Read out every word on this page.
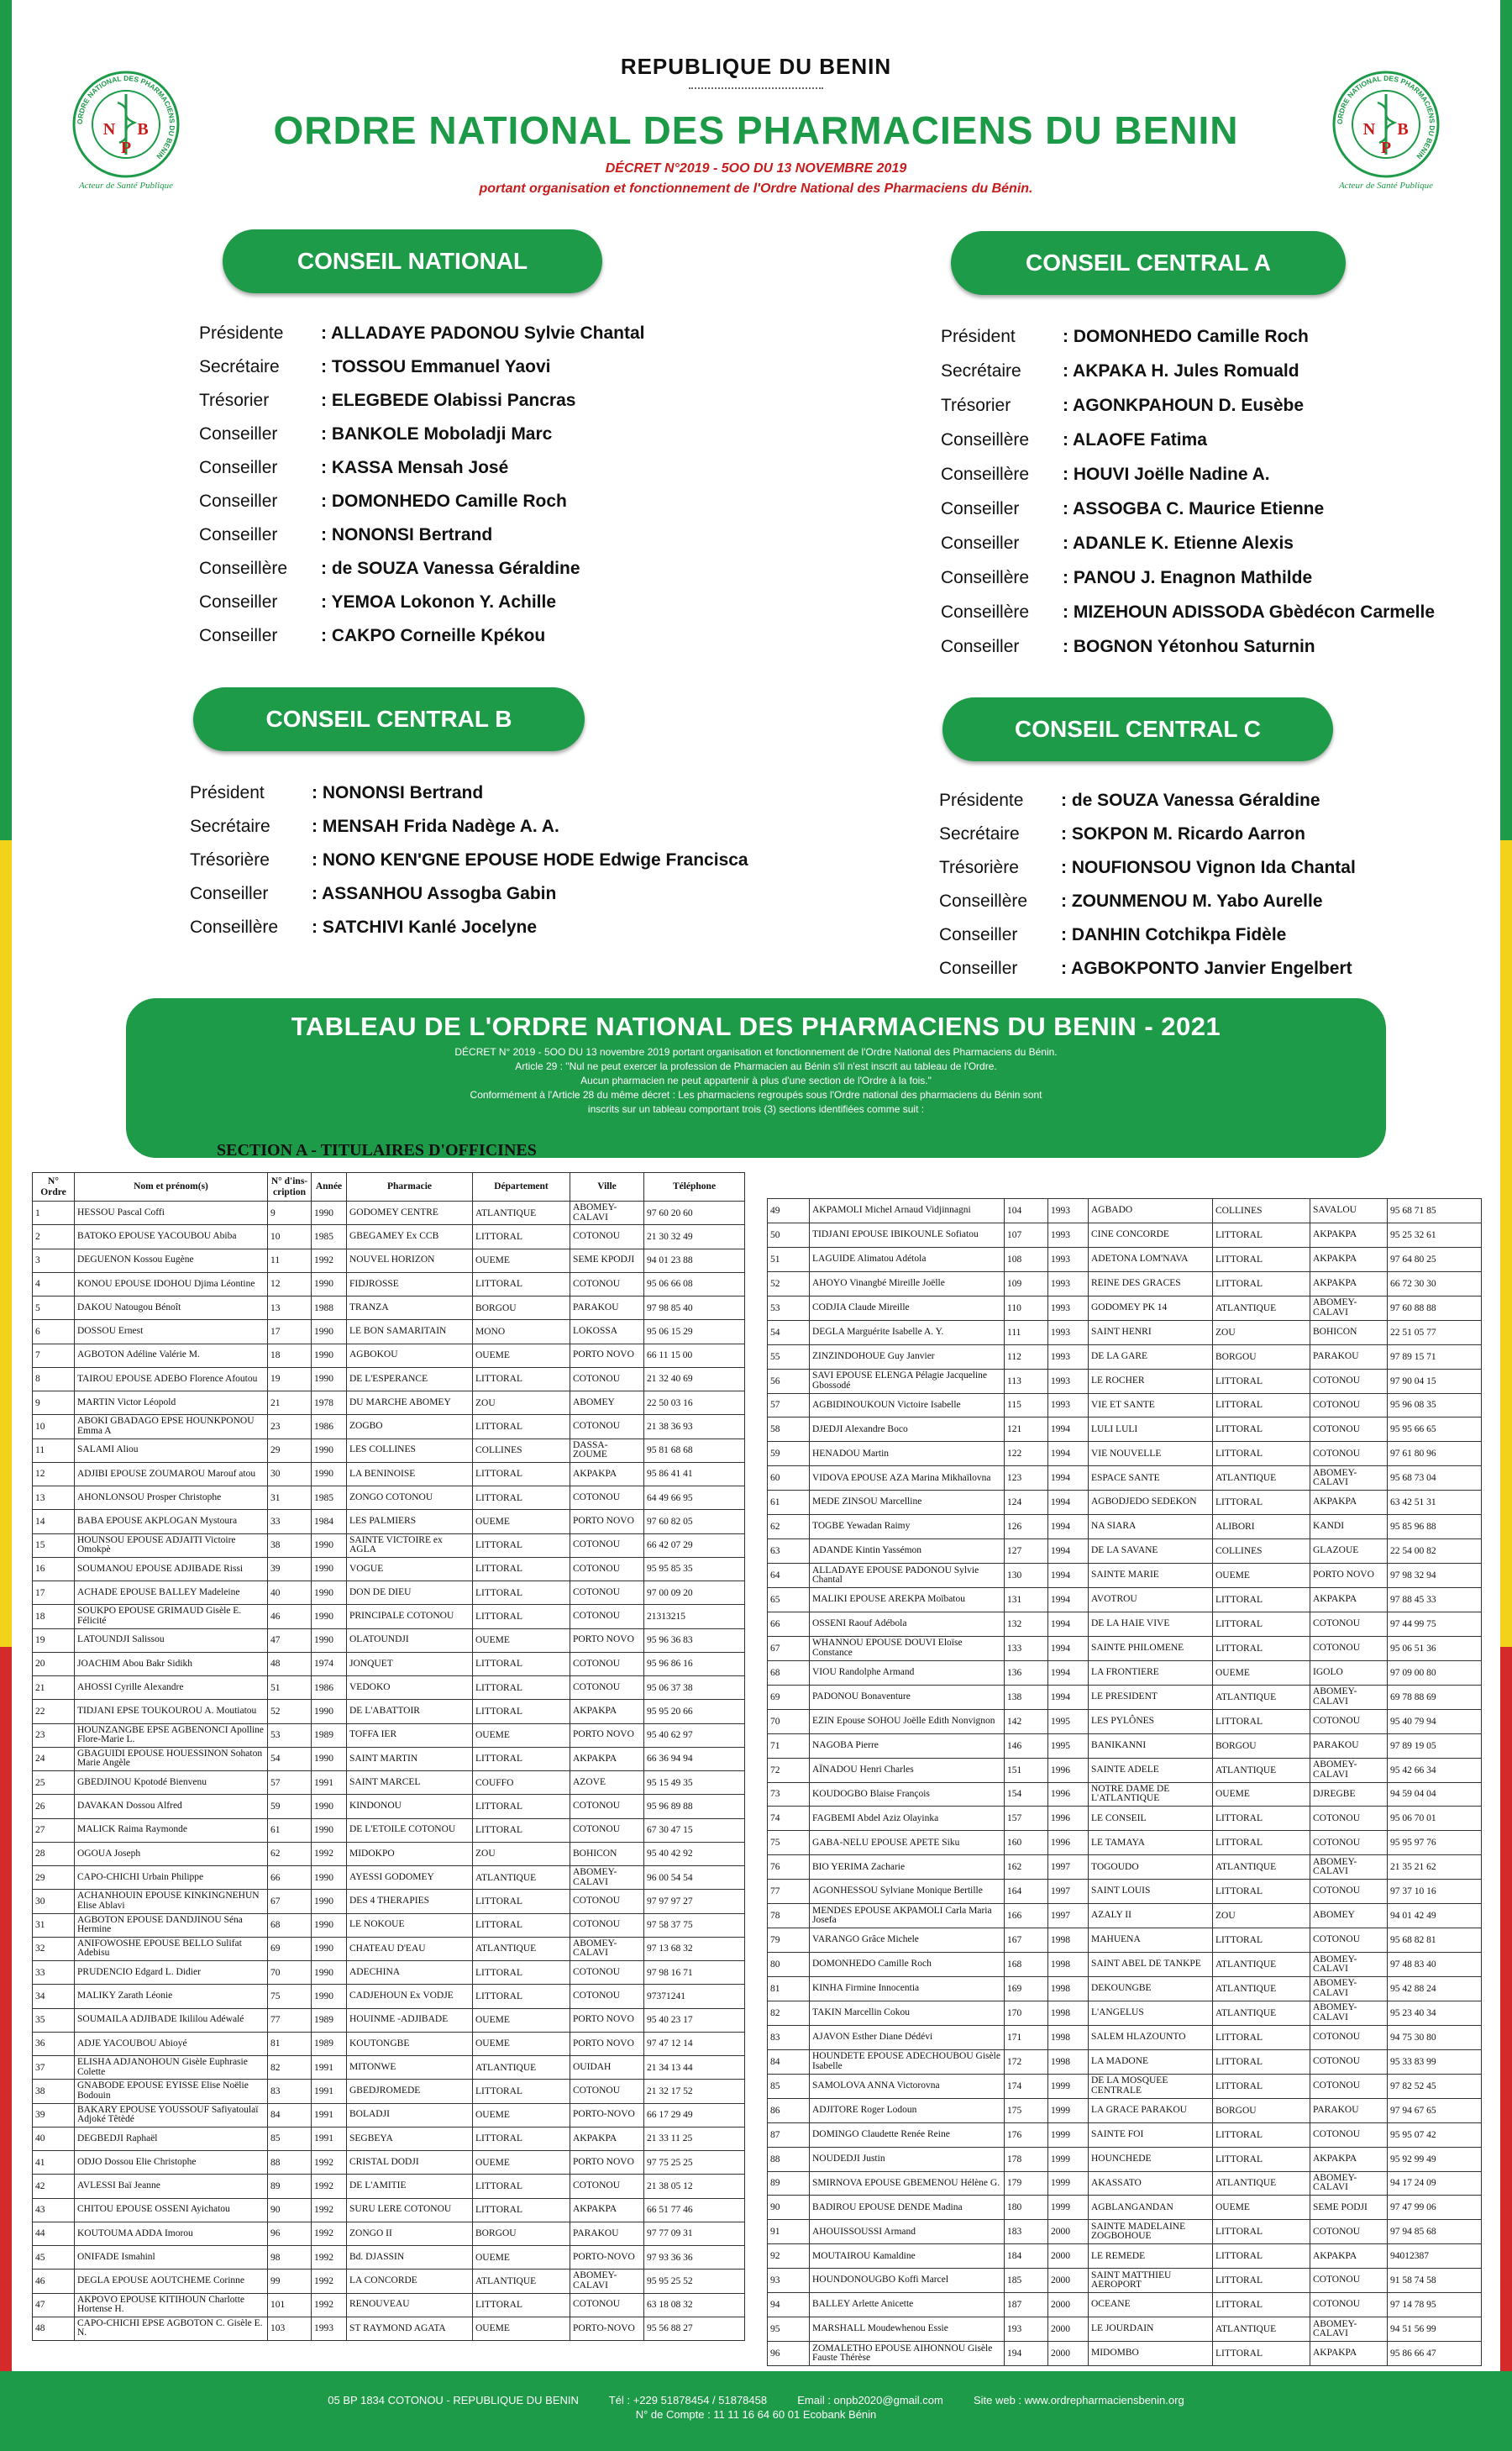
REPUBLIQUE DU BENIN
ORDRE NATIONAL DES PHARMACIENS DU BENIN
DÉCRET N°2019 - 5OO DU 13 NOVEMBRE 2019
portant organisation et fonctionnement de l'Ordre National des Pharmaciens du Bénin.
ORDRE NATIONAL DES PHARMACIENS DU BENIN
N B
P
Acteur de Santé Publique
ORDRE NATIONAL DES PHARMACIENS DU BENIN
N B
P
Acteur de Santé Publique
CONSEIL NATIONAL	CONSEIL CENTRAL A
CONSEIL CENTRAL B	CONSEIL CENTRAL C
Présidente	: ALLADAYE PADONOU Sylvie Chantal
Secrétaire	: TOSSOU Emmanuel Yaovi
Trésorier	: ELEGBEDE Olabissi Pancras
Conseiller	: BANKOLE Moboladji Marc
Conseiller	: KASSA Mensah José
Conseiller	: DOMONHEDO Camille Roch
Conseiller	: NONONSI Bertrand
Conseillère	: de SOUZA Vanessa Géraldine
Conseiller	: YEMOA Lokonon Y. Achille
Conseiller	: CAKPO Corneille Kpékou
Président	: DOMONHEDO Camille Roch
Secrétaire	: AKPAKA H. Jules Romuald
Trésorier	: AGONKPAHOUN D. Eusèbe
Conseillère	: ALAOFE Fatima
Conseillère	: HOUVI Joëlle Nadine A.
Conseiller	: ASSOGBA C. Maurice Etienne
Conseiller	: ADANLE K. Etienne Alexis
Conseillère	: PANOU J. Enagnon Mathilde
Conseillère	: MIZEHOUN ADISSODA Gbèdécon Carmelle
Conseiller	: BOGNON Yétonhou Saturnin
Président	: NONONSI Bertrand
Secrétaire	: MENSAH Frida Nadège A. A.
Trésorière	: NONO KEN'GNE EPOUSE HODE Edwige Francisca
Conseiller	: ASSANHOU Assogba Gabin
Conseillère	: SATCHIVI Kanlé Jocelyne
Présidente	: de SOUZA Vanessa Géraldine
Secrétaire	: SOKPON M. Ricardo Aarron
Trésorière	: NOUFIONSOU Vignon Ida Chantal
Conseillère	: ZOUNMENOU M. Yabo Aurelle
Conseiller	: DANHIN Cotchikpa Fidèle
Conseiller	: AGBOKPONTO Janvier Engelbert
TABLEAU DE L'ORDRE NATIONAL DES PHARMACIENS DU BENIN - 2021
DÉCRET N° 2019 - 5OO DU 13 novembre 2019 portant organisation et fonctionnement de l'Ordre National des Pharmaciens du Bénin.
Article 29 : "Nul ne peut exercer la profession de Pharmacien au Bénin s'il n'est inscrit au tableau de l'Ordre.
Aucun pharmacien ne peut appartenir à plus d'une section de l'Ordre à la fois."
Conformément à l'Article 28 du même décret : Les pharmaciens regroupés sous l'Ordre national des pharmaciens du Bénin sont
inscrits sur un tableau comportant trois (3) sections identifiées comme suit :
SECTION A - TITULAIRES D'OFFICINES
N° Ordre	Nom et prénom(s)	N° d'ins-cription	Année	Pharmacie	Département	Ville	Téléphone
1	HESSOU Pascal Coffi	9	1990	GODOMEY CENTRE	ATLANTIQUE	ABOMEY-CALAVI	97 60 20 60
2	BATOKO EPOUSE YACOUBOU Abiba	10	1985	GBEGAMEY Ex CCB	LITTORAL	COTONOU	21 30 32 49
3	DEGUENON Kossou Eugène	11	1992	NOUVEL HORIZON	OUEME	SEME KPODJI	94 01 23 88
4	KONOU EPOUSE IDOHOU Djima Léontine	12	1990	FIDJROSSE	LITTORAL	COTONOU	95 06 66 08
5	DAKOU Natougou Bénoît	13	1988	TRANZA	BORGOU	PARAKOU	97 98 85 40
6	DOSSOU Ernest	17	1990	LE BON SAMARITAIN	MONO	LOKOSSA	95 06 15 29
7	AGBOTON Adéline Valérie M.	18	1990	AGBOKOU	OUEME	PORTO NOVO	66 11 15 00
8	TAIROU EPOUSE ADEBO Florence Afoutou	19	1990	DE L'ESPERANCE	LITTORAL	COTONOU	21 32 40 69
9	MARTIN Victor Léopold	21	1978	DU MARCHE ABOMEY	ZOU	ABOMEY	22 50 03 16
10	ABOKI GBADAGO EPSE HOUNKPONOU Emma A	23	1986	ZOGBO	LITTORAL	COTONOU	21 38 36 93
11	SALAMI Aliou	29	1990	LES COLLINES	COLLINES	DASSA-ZOUME	95 81 68 68
12	ADJIBI EPOUSE ZOUMAROU Marouf atou	30	1990	LA BENINOISE	LITTORAL	AKPAKPA	95 86 41 41
13	AHONLONSOU Prosper Christophe	31	1985	ZONGO COTONOU	LITTORAL	COTONOU	64 49 66 95
14	BABA EPOUSE AKPLOGAN Mystoura	33	1984	LES PALMIERS	OUEME	PORTO NOVO	97 60 82 05
15	HOUNSOU EPOUSE ADJAITI Victoire Omokpè	38	1990	SAINTE VICTOIRE ex AGLA	LITTORAL	COTONOU	66 42 07 29
16	SOUMANOU EPOUSE ADJIBADE Rissi	39	1990	VOGUE	LITTORAL	COTONOU	95 95 85 35
17	ACHADE EPOUSE BALLEY Madeleine	40	1990	DON DE DIEU	LITTORAL	COTONOU	97 00 09 20
18	SOUKPO EPOUSE GRIMAUD Gisèle E. Félicité	46	1990	PRINCIPALE COTONOU	LITTORAL	COTONOU	21313215
19	LATOUNDJI Salissou	47	1990	OLATOUNDJI	OUEME	PORTO NOVO	95 96 36 83
20	JOACHIM Abou Bakr Sidikh	48	1974	JONQUET	LITTORAL	COTONOU	95 96 86 16
21	AHOSSI Cyrille Alexandre	51	1986	VEDOKO	LITTORAL	COTONOU	95 06 37 38
22	TIDJANI EPSE TOUKOUROU A. Moutiatou	52	1990	DE L'ABATTOIR	LITTORAL	AKPAKPA	95 95 20 66
23	HOUNZANGBE EPSE AGBENONCI Apolline Flore-Marie L.	53	1989	TOFFA IER	OUEME	PORTO NOVO	95 40 62 97
24	GBAGUIDI EPOUSE HOUESSINON Sohaton Marie Angèle	54	1990	SAINT MARTIN	LITTORAL	AKPAKPA	66 36 94 94
25	GBEDJINOU Kpotodé Bienvenu	57	1991	SAINT MARCEL	COUFFO	AZOVE	95 15 49 35
26	DAVAKAN Dossou Alfred	59	1990	KINDONOU	LITTORAL	COTONOU	95 96 89 88
27	MALICK Raima Raymonde	61	1990	DE L'ETOILE COTONOU	LITTORAL	COTONOU	67 30 47 15
28	OGOUA Joseph	62	1992	MIDOKPO	ZOU	BOHICON	95 40 42 92
29	CAPO-CHICHI Urbain Philippe	66	1990	AYESSI GODOMEY	ATLANTIQUE	ABOMEY-CALAVI	96 00 54 54
30	ACHANHOUIN EPOUSE KINKINGNEHUN Elise Ablavi	67	1990	DES 4 THERAPIES	LITTORAL	COTONOU	97 97 97 27
31	AGBOTON EPOUSE DANDJINOU Séna Hermine	68	1990	LE NOKOUE	LITTORAL	COTONOU	97 58 37 75
32	ANIFOWOSHE EPOUSE BELLO Sulifat Adebisu	69	1990	CHATEAU D'EAU	ATLANTIQUE	ABOMEY-CALAVI	97 13 68 32
33	PRUDENCIO Edgard L. Didier	70	1990	ADECHINA	LITTORAL	COTONOU	97 98 16 71
34	MALIKY Zarath Léonie	75	1990	CADJEHOUN Ex VODJE	LITTORAL	COTONOU	97371241
35	SOUMAILA ADJIBADE Ikililou Adéwalé	77	1989	HOUINME -ADJIBADE	OUEME	PORTO NOVO	95 40 23 17
36	ADJE YACOUBOU Abioyé	81	1989	KOUTONGBE	OUEME	PORTO NOVO	97 47 12 14
37	ELISHA ADJANOHOUN Gisèle Euphrasie Colette	82	1991	MITONWE	ATLANTIQUE	OUIDAH	21 34 13 44
38	GNABODE EPOUSE EYISSE Elise Noëlie Bodouin	83	1991	GBEDJROMEDE	LITTORAL	COTONOU	21 32 17 52
39	BAKARY EPOUSE YOUSSOUF Safiyatoulaï Adjoké Têtèdé	84	1991	BOLADJI	OUEME	PORTO-NOVO	66 17 29 49
40	DEGBEDJI Raphaël	85	1991	SEGBEYA	LITTORAL	AKPAKPA	21 33 11 25
41	ODJO Dossou Elie Christophe	88	1992	CRISTAL DODJI	OUEME	PORTO NOVO	97 75 25 25
42	AVLESSI Baï Jeanne	89	1992	DE L'AMITIE	LITTORAL	COTONOU	21 38 05 12
43	CHITOU EPOUSE OSSENI Ayichatou	90	1992	SURU LERE COTONOU	LITTORAL	AKPAKPA	66 51 77 46
44	KOUTOUMA ADDA Imorou	96	1992	ZONGO II	BORGOU	PARAKOU	97 77 09 31
45	ONIFADE Ismahinl	98	1992	Bd. DJASSIN	OUEME	PORTO-NOVO	97 93 36 36
46	DEGLA EPOUSE AOUTCHEME Corinne	99	1992	LA CONCORDE	ATLANTIQUE	ABOMEY-CALAVI	95 95 25 52
47	AKPOVO EPOUSE KITIHOUN Charlotte Hortense H.	101	1992	RENOUVEAU	LITTORAL	COTONOU	63 18 08 32
48	CAPO-CHICHI EPSE AGBOTON C. Gisèle E. N.	103	1993	ST RAYMOND AGATA	OUEME	PORTO-NOVO	95 56 88 27
49	AKPAMOLI Michel Arnaud Vidjinnagni	104	1993	AGBADO	COLLINES	SAVALOU	95 68 71 85
50	TIDJANI EPOUSE IBIKOUNLE Sofiatou	107	1993	CINE CONCORDE	LITTORAL	AKPAKPA	95 25 32 61
51	LAGUIDE Alimatou Adétola	108	1993	ADETONA LOM'NAVA	LITTORAL	AKPAKPA	97 64 80 25
52	AHOYO Vinangbé Mireille Joëlle	109	1993	REINE DES GRACES	LITTORAL	AKPAKPA	66 72 30 30
53	CODJIA Claude Mireille	110	1993	GODOMEY PK 14	ATLANTIQUE	ABOMEY-CALAVI	97 60 88 88
54	DEGLA Marguérite Isabelle A. Y.	111	1993	SAINT HENRI	ZOU	BOHICON	22 51 05 77
55	ZINZINDOHOUE Guy Janvier	112	1993	DE LA GARE	BORGOU	PARAKOU	97 89 15 71
56	SAVI EPOUSE ELENGA Pélagie Jacqueline Gbossodé	113	1993	LE ROCHER	LITTORAL	COTONOU	97 90 04 15
57	AGBIDINOUKOUN Victoire Isabelle	115	1993	VIE ET SANTE	LITTORAL	COTONOU	95 96 08 35
58	DJEDJI Alexandre Boco	121	1994	LULI LULI	LITTORAL	COTONOU	95 95 66 65
59	HENADOU Martin	122	1994	VIE NOUVELLE	LITTORAL	COTONOU	97 61 80 96
60	VIDOVA EPOUSE AZA Marina Mikhaïlovna	123	1994	ESPACE SANTE	ATLANTIQUE	ABOMEY-CALAVI	95 68 73 04
61	MEDE ZINSOU Marcelline	124	1994	AGBODJEDO SEDEKON	LITTORAL	AKPAKPA	63 42 51 31
62	TOGBE Yewadan Raimy	126	1994	NA SIARA	ALIBORI	KANDI	95 85 96 88
63	ADANDE Kintin Yassémon	127	1994	DE LA SAVANE	COLLINES	GLAZOUE	22 54 00 82
64	ALLADAYE EPOUSE PADONOU Sylvie Chantal	130	1994	SAINTE MARIE	OUEME	PORTO NOVO	97 98 32 94
65	MALIKI EPOUSE AREKPA Moïbatou	131	1994	AVOTROU	LITTORAL	AKPAKPA	97 88 45 33
66	OSSENI Raouf Adébola	132	1994	DE LA HAIE VIVE	LITTORAL	COTONOU	97 44 99 75
67	WHANNOU EPOUSE DOUVI Eloïse Constance	133	1994	SAINTE PHILOMENE	LITTORAL	COTONOU	95 06 51 36
68	VIOU Randolphe Armand	136	1994	LA FRONTIERE	OUEME	IGOLO	97 09 00 80
69	PADONOU Bonaventure	138	1994	LE PRESIDENT	ATLANTIQUE	ABOMEY-CALAVI	69 78 88 69
70	EZIN Epouse SOHOU Joëlle Edith Nonvignon	142	1995	LES PYLÔNES	LITTORAL	COTONOU	95 40 79 94
71	NAGOBA Pierre	146	1995	BANIKANNI	BORGOU	PARAKOU	97 89 19 05
72	AÏNADOU Henri Charles	151	1996	SAINTE ADELE	ATLANTIQUE	ABOMEY-CALAVI	95 42 66 34
73	KOUDOGBO Blaise François	154	1996	NOTRE DAME DE L'ATLANTIQUE	OUEME	DJREGBE	94 59 04 04
74	FAGBEMI Abdel Aziz Olayinka	157	1996	LE CONSEIL	LITTORAL	COTONOU	95 06 70 01
75	GABA-NELU EPOUSE APETE Siku	160	1996	LE TAMAYA	LITTORAL	COTONOU	95 95 97 76
76	BIO YERIMA Zacharie	162	1997	TOGOUDO	ATLANTIQUE	ABOMEY-CALAVI	21 35 21 62
77	AGONHESSOU Sylviane Monique Bertille	164	1997	SAINT LOUIS	LITTORAL	COTONOU	97 37 10 16
78	MENDES EPOUSE AKPAMOLI Carla Maria Josefa	166	1997	AZALY II	ZOU	ABOMEY	94 01 42 49
79	VARANGO Grâce Michele	167	1998	MAHUENA	LITTORAL	COTONOU	95 68 82 81
80	DOMONHEDO Camille Roch	168	1998	SAINT ABEL DE TANKPE	ATLANTIQUE	ABOMEY-CALAVI	97 48 83 40
81	KINHA Firmine Innocentia	169	1998	DEKOUNGBE	ATLANTIQUE	ABOMEY-CALAVI	95 42 88 24
82	TAKIN Marcellin Cokou	170	1998	L'ANGELUS	ATLANTIQUE	ABOMEY-CALAVI	95 23 40 34
83	AJAVON Esther Diane Dédévi	171	1998	SALEM HLAZOUNTO	LITTORAL	COTONOU	94 75 30 80
84	HOUNDETE EPOUSE ADECHOUBOU Gisèle Isabelle	172	1998	LA MADONE	LITTORAL	COTONOU	95 33 83 99
85	SAMOLOVA ANNA Victorovna	174	1999	DE LA MOSQUEE CENTRALE	LITTORAL	COTONOU	97 82 52 45
86	ADJITORE Roger Lodoun	175	1999	LA GRACE PARAKOU	BORGOU	PARAKOU	97 94 67 65
87	DOMINGO Claudette Renée Reine	176	1999	SAINTE FOI	LITTORAL	COTONOU	95 95 07 42
88	NOUDEDJI Justin	178	1999	HOUNCHEDE	LITTORAL	AKPAKPA	95 92 99 49
89	SMIRNOVA EPOUSE GBEMENOU Hélène G.	179	1999	AKASSATO	ATLANTIQUE	ABOMEY-CALAVI	94 17 24 09
90	BADIROU EPOUSE DENDE Madina	180	1999	AGBLANGANDAN	OUEME	SEME PODJI	97 47 99 06
91	AHOUISSOUSSI Armand	183	2000	SAINTE MADELAINE ZOGBOHOUE	LITTORAL	COTONOU	97 94 85 68
92	MOUTAIROU Kamaldine	184	2000	LE REMEDE	LITTORAL	AKPAKPA	94012387
93	HOUNDONOUGBO Koffi Marcel	185	2000	SAINT MATTHIEU AEROPORT	LITTORAL	COTONOU	91 58 74 58
94	BALLEY Arlette Anicette	187	2000	OCEANE	LITTORAL	COTONOU	97 14 78 95
95	MARSHALL Moudewhenou Essie	193	2000	LE JOURDAIN	ATLANTIQUE	ABOMEY-CALAVI	94 51 56 99
96	ZOMALETHO EPOUSE AIHONNOU Gisèle Fauste Thérèse	194	2000	MIDOMBO	LITTORAL	AKPAKPA	95 86 66 47
05 BP 1834 COTONOU - REPUBLIQUE DU BENIN          Tél : +229 51878454 / 51878458          Email : onpb2020@gmail.com          Site web : www.ordrepharmaciensbenin.org
N° de Compte : 11 11 16 64 60 01 Ecobank Bénin
